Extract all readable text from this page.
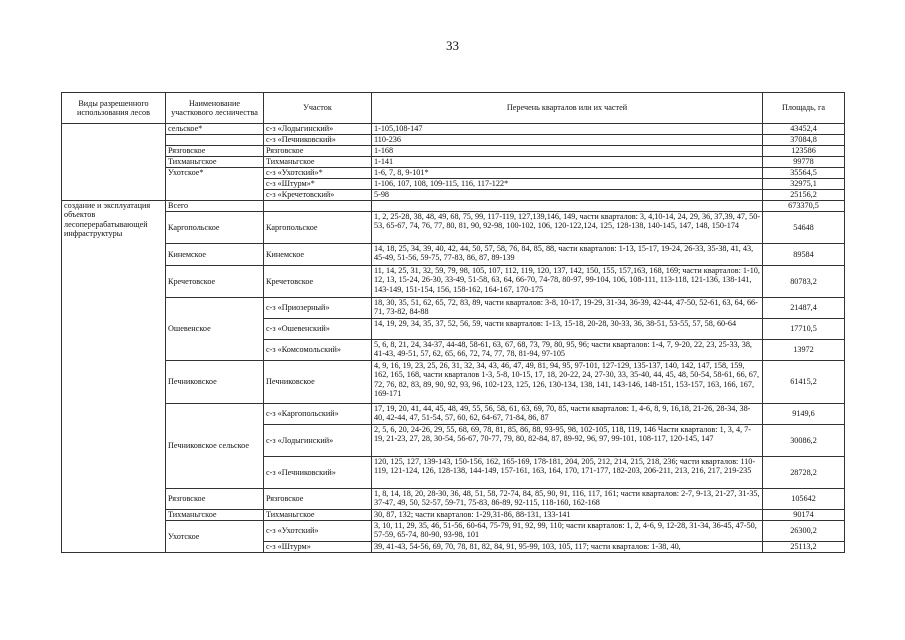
33
Виды разрешенного использования лесов	Наименование участкового лесничества	Участок	Перечень кварталов или их частей	Площадь, га
	сельское*	с-з «Лодыгинский»	1-105,108-147	43452,4
		с-з «Печниковский»	110-236	37084,8
	Рязговское	Рязговское	1-168	123586
	Тихманьгское	Тихманьгское	1-141	99778
	Ухотское*	с-з «Ухотский»*	1-6, 7, 8, 9-101*	35564,5
		с-з «Штурм»*	1-106, 107, 108, 109-115, 116, 117-122*	32975,1
		с-з «Кречетовский»	5-98	25156,2
создание и эксплуатация объектов лесоперерабатывающей инфраструктуры	Всего			673370,5
	Каргопольское	Каргопольское	1, 2, 25-28, 38, 48, 49, 68, 75, 99, 117-119, 127,139,146, 149, части кварталов: 3, 4,10-14, 24, 29, 36, 37,39, 47, 50-53, 65-67, 74, 76, 77, 80, 81, 90, 92-98, 100-102, 106, 120-122,124, 125, 128-138, 140-145, 147, 148, 150-174	54648
	Кинемское	Кинемское	14, 18, 25, 34, 39, 40, 42, 44, 50, 57, 58, 76, 84, 85, 88, части кварталов: 1-13, 15-17, 19-24, 26-33, 35-38, 41, 43, 45-49, 51-56, 59-75, 77-83, 86, 87, 89-139	89584
	Кречетовское	Кречетовское	11, 14, 25, 31, 32, 59, 79, 98, 105, 107, 112, 119, 120, 137, 142, 150, 155, 157,163, 168, 169; части кварталов: 1-10, 12, 13, 15-24, 26-30, 33-49, 51-58, 63, 64, 66-70, 74-78, 80-97, 99-104, 106, 108-111, 113-118, 121-136, 138-141, 143-149, 151-154, 156, 158-162, 164-167, 170-175	80783,2
	Ошевенское	с-з «Приозерный»	18, 30, 35, 51, 62, 65, 72, 83, 89, части кварталов: 3-8, 10-17, 19-29, 31-34, 36-39, 42-44, 47-50, 52-61, 63, 64, 66-71, 73-82, 84-88	21487,4
		с-з «Ошевенский»	14, 19, 29, 34, 35, 37, 52, 56, 59, части кварталов: 1-13, 15-18, 20-28, 30-33, 36, 38-51, 53-55, 57, 58, 60-64	17710,5
		с-з «Комсомольский»	5, 6, 8, 21, 24, 34-37, 44-48, 58-61, 63, 67, 68, 73, 79, 80, 95, 96; части кварталов: 1-4, 7, 9-20, 22, 23, 25-33, 38, 41-43, 49-51, 57, 62, 65, 66, 72, 74, 77, 78, 81-94, 97-105	13972
	Печниковское	Печниковское	4, 9, 16, 19, 23, 25, 26, 31, 32, 34, 43, 46, 47, 49, 81, 94, 95, 97-101, 127-129, 135-137, 140, 142, 147, 158, 159, 162, 165, 168, части кварталов 1-3, 5-8, 10-15, 17, 18, 20-22, 24, 27-30, 33, 35-40, 44, 45, 48, 50-54, 58-61, 66, 67, 72, 76, 82, 83, 89, 90, 92, 93, 96, 102-123, 125, 126, 130-134, 138, 141, 143-146, 148-151, 153-157, 163, 166, 167, 169-171	61415,2
	Печниковское сельское	с-з «Каргопольский»	17, 19, 20, 41, 44, 45, 48, 49, 55, 56, 58, 61, 63, 69, 70, 85, части кварталов: 1, 4-6, 8, 9, 16,18, 21-26, 28-34, 38-40, 42-44, 47, 51-54, 57, 60, 62, 64-67, 71-84, 86, 87	9149,6
		с-з «Лодыгинский»	2, 5, 6, 20, 24-26, 29, 55, 68, 69, 78, 81, 85, 86, 88, 93-95, 98, 102-105, 118, 119, 146 Части кварталов: 1, 3, 4, 7-19, 21-23, 27, 28, 30-54, 56-67, 70-77, 79, 80, 82-84, 87, 89-92, 96, 97, 99-101, 108-117, 120-145, 147	30086,2
		с-з «Печниковский»	120, 125, 127, 139-143, 150-156, 162, 165-169, 178-181, 204, 205, 212, 214, 215, 218, 236; части кварталов: 110-119, 121-124, 126, 128-138, 144-149, 157-161, 163, 164, 170, 171-177, 182-203, 206-211, 213, 216, 217, 219-235	28728,2
	Рязговское	Рязговское	1, 8, 14, 18, 20, 28-30, 36, 48, 51, 58, 72-74, 84, 85, 90, 91, 116, 117, 161; части кварталов: 2-7, 9-13, 21-27, 31-35, 37-47, 49, 50, 52-57, 59-71, 75-83, 86-89, 92-115, 118-160, 162-168	105642
	Тихманьгское	Тихманьгское	30, 87, 132; части кварталов: 1-29,31-86, 88-131, 133-141	90174
	Ухотское	с-з «Ухотский»	3, 10, 11, 29, 35, 46, 51-56, 60-64, 75-79, 91, 92, 99, 110; части кварталов: 1, 2, 4-6, 9, 12-28, 31-34, 36-45, 47-50, 57-59, 65-74, 80-90, 93-98, 101	26300,2
		с-з «Штурм»	39, 41-43, 54-56, 69, 70, 78, 81, 82, 84, 91, 95-99, 103, 105, 117; части кварталов: 1-38, 40,	25113,2
